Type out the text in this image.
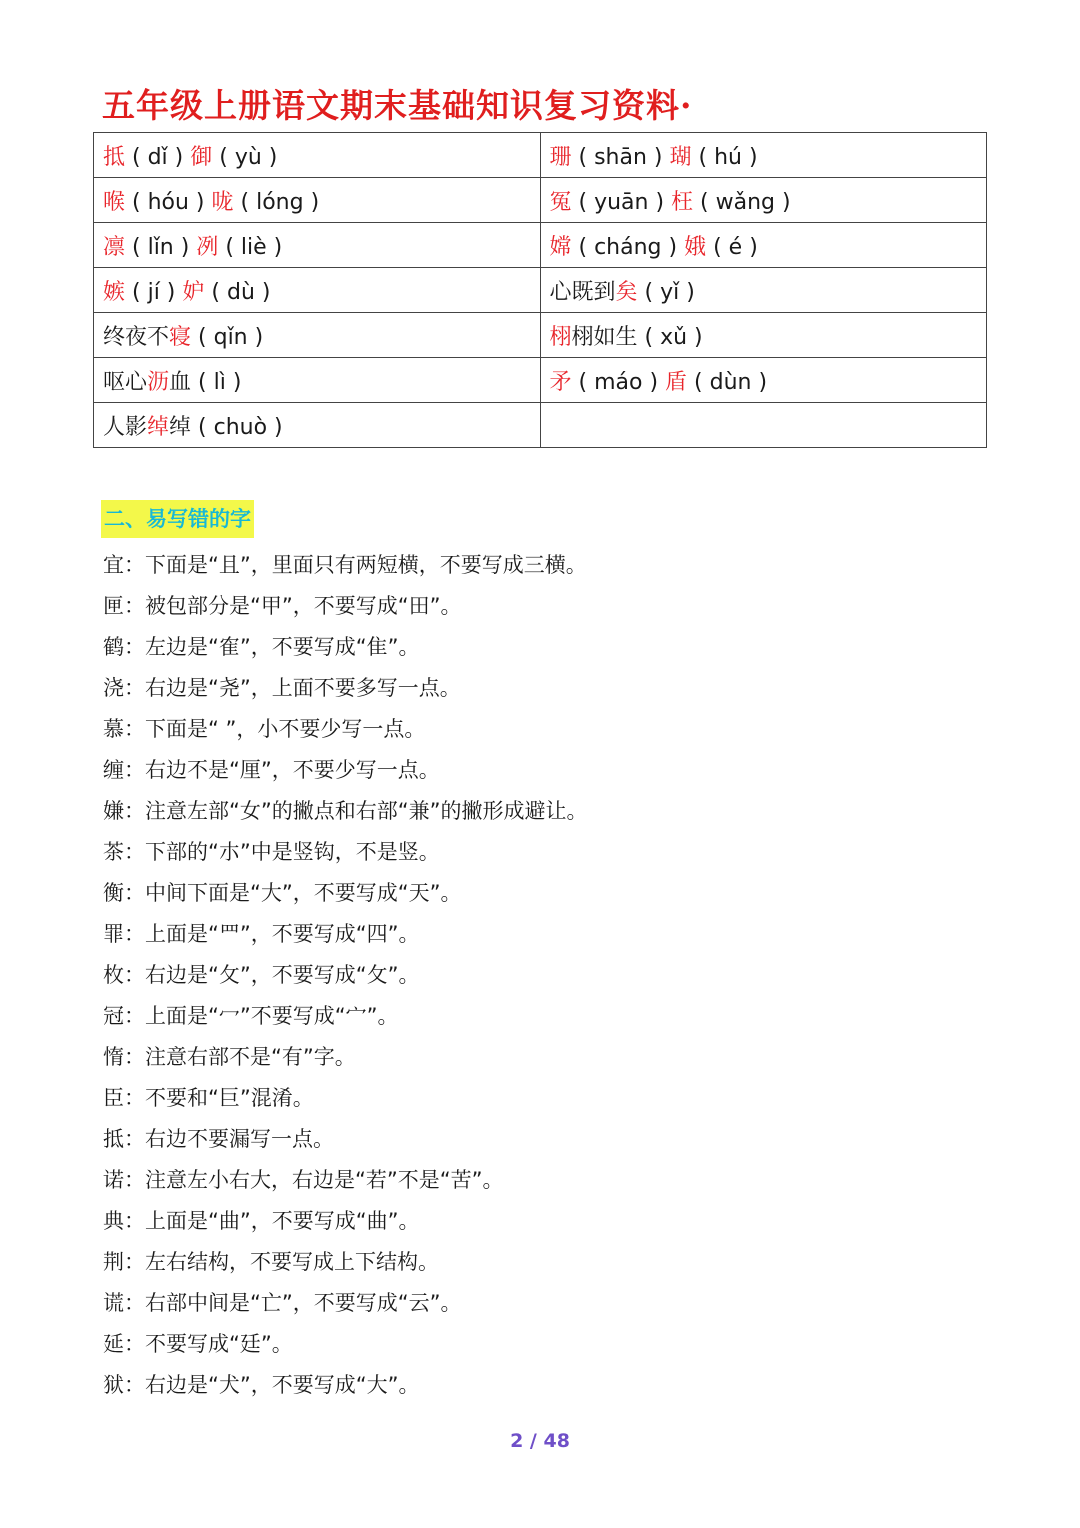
五年级上册语文期末基础知识复习资料·
抵 ( dǐ ) 御 ( yù )	珊 ( shān ) 瑚 ( hú )
喉 ( hóu ) 咙 ( lóng )	冤 ( yuān ) 枉 ( wǎng )
凛 ( lǐn ) 冽 ( liè )	嫦 ( cháng ) 娥 ( é )
嫉 ( jí ) 妒 ( dù )	心既到矣 ( yǐ )
终夜不寝 ( qǐn )	栩栩如生 ( xǔ )
呕心沥血 ( lì )	矛 ( máo ) 盾 ( dùn )
人影绰绰 ( chuò )	
二、易写错的字
宜：下面是“且”，里面只有两短横，不要写成三横。
匣：被包部分是“甲”，不要写成“田”。
鹤：左边是“隺”，不要写成“隹”。
浇：右边是“尧”，上面不要多写一点。
慕：下面是“ ”，小不要少写一点。
缠：右边不是“厘”，不要少写一点。
嫌：注意左部“女”的撇点和右部“兼”的撇形成避让。
茶：下部的“朩”中是竖钩，不是竖。
衡：中间下面是“大”，不要写成“天”。
罪：上面是“罒”，不要写成“四”。
枚：右边是“攵”，不要写成“攵”。
冠：上面是“冖”不要写成“宀”。
惰：注意右部不是“有”字。
臣：不要和“巨”混淆。
抵：右边不要漏写一点。
诺：注意左小右大，右边是“若”不是“苦”。
典：上面是“曲”，不要写成“曲”。
荆：左右结构，不要写成上下结构。
谎：右部中间是“亡”，不要写成“云”。
延：不要写成“廷”。
狱：右边是“犬”，不要写成“大”。
2 / 48
